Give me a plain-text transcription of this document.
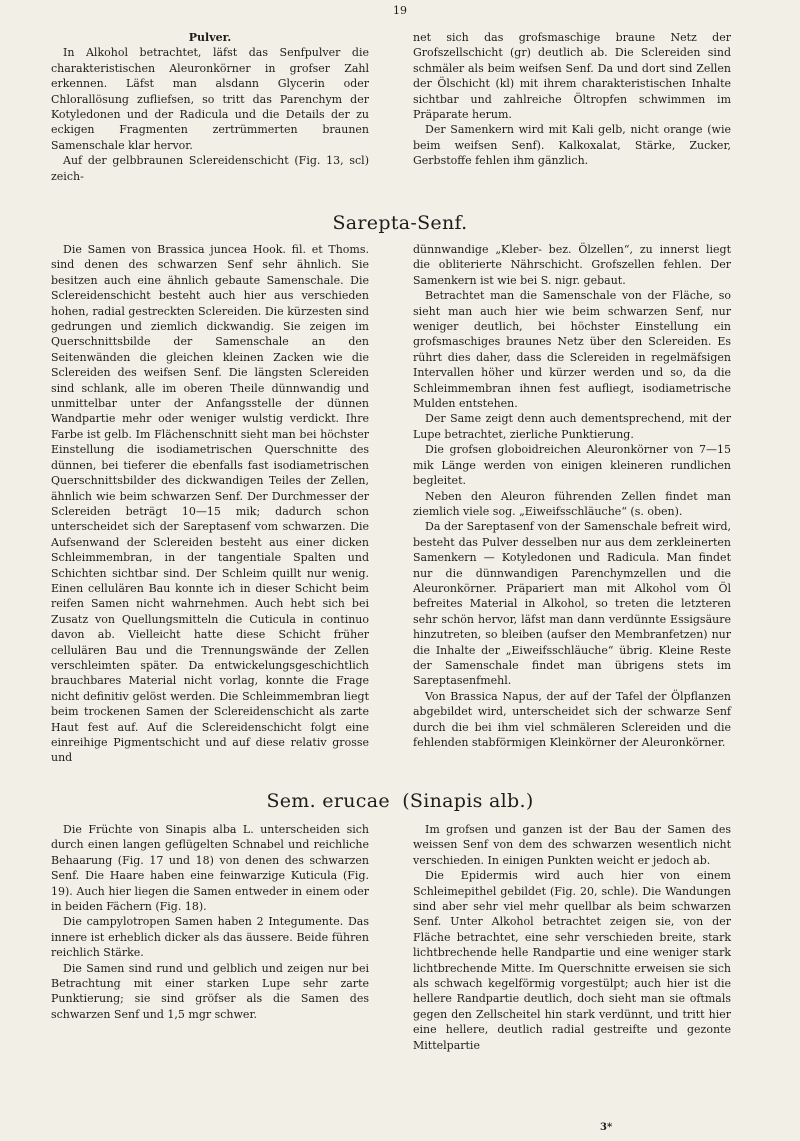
19

Pulver.

In Alkohol betrachtet, läfst das Senfpulver die charakteristischen Aleuronkörner in grofser Zahl erkennen. Läfst man alsdann Glycerin oder Chlorallösung zufliefsen, so tritt das Parenchym der Kotyledonen und der Radicula und die Details der zu eckigen Fragmenten zertrümmerten braunen Samenschale klar hervor.

Auf der gelbbraunen Sclereidenschicht (Fig. 13, scl) zeich-

net sich das grofsmaschige braune Netz der Grofszellschicht (gr) deutlich ab. Die Sclereiden sind schmäler als beim weifsen Senf. Da und dort sind Zellen der Ölschicht (kl) mit ihrem charakteristischen Inhalte sichtbar und zahlreiche Öltropfen schwimmen im Präparate herum.

Der Samenkern wird mit Kali gelb, nicht orange (wie beim weifsen Senf). Kalkoxalat, Stärke, Zucker, Gerbstoffe fehlen ihm gänzlich.

Sarepta-Senf.

Die Samen von Brassica juncea Hook. fil. et Thoms. sind denen des schwarzen Senf sehr ähnlich. Sie besitzen auch eine ähnlich gebaute Samenschale. Die Sclereidenschicht besteht auch hier aus verschieden hohen, radial gestreckten Sclereiden. Die kürzesten sind gedrungen und ziemlich dickwandig. Sie zeigen im Querschnittsbilde der Samenschale an den Seitenwänden die gleichen kleinen Zacken wie die Sclereiden des weifsen Senf. Die längsten Sclereiden sind schlank, alle im oberen Theile dünnwandig und unmittelbar unter der Anfangsstelle der dünnen Wandpartie mehr oder weniger wulstig verdickt. Ihre Farbe ist gelb. Im Flächenschnitt sieht man bei höchster Einstellung die isodiametrischen Querschnitte des dünnen, bei tieferer die ebenfalls fast isodiametrischen Querschnittsbilder des dickwandigen Teiles der Zellen, ähnlich wie beim schwarzen Senf. Der Durchmesser der Sclereiden beträgt 10—15 mik; dadurch schon unterscheidet sich der Sareptasenf vom schwarzen. Die Aufsenwand der Sclereiden besteht aus einer dicken Schleimmembran, in der tangentiale Spalten und Schichten sichtbar sind. Der Schleim quillt nur wenig. Einen cellulären Bau konnte ich in dieser Schicht beim reifen Samen nicht wahrnehmen. Auch hebt sich bei Zusatz von Quellungsmitteln die Cuticula in continuo davon ab. Vielleicht hatte diese Schicht früher cellulären Bau und die Trennungswände der Zellen verschleimten später. Da entwickelungsgeschichtlich brauchbares Material nicht vorlag, konnte die Frage nicht definitiv gelöst werden. Die Schleimmembran liegt beim trockenen Samen der Sclereidenschicht als zarte Haut fest auf. Auf die Sclereidenschicht folgt eine einreihige Pigmentschicht und auf diese relativ grosse und

dünnwandige „Kleber- bez. Ölzellen“, zu innerst liegt die obliterierte Nährschicht. Grofszellen fehlen. Der Samenkern ist wie bei S. nigr. gebaut.

Betrachtet man die Samenschale von der Fläche, so sieht man auch hier wie beim schwarzen Senf, nur weniger deutlich, bei höchster Einstellung ein grofsmaschiges braunes Netz über den Sclereiden. Es rührt dies daher, dass die Sclereiden in regelmäfsigen Intervallen höher und kürzer werden und so, da die Schleimmembran ihnen fest aufliegt, isodiametrische Mulden entstehen.

Der Same zeigt denn auch dementsprechend, mit der Lupe betrachtet, zierliche Punktierung.

Die grofsen globoidreichen Aleuronkörner von 7—15 mik Länge werden von einigen kleineren rundlichen begleitet.

Neben den Aleuron führenden Zellen findet man ziemlich viele sog. „Eiweifsschläuche“ (s. oben).

Da der Sareptasenf von der Samenschale befreit wird, besteht das Pulver desselben nur aus dem zerkleinerten Samenkern — Kotyledonen und Radicula. Man findet nur die dünnwandigen Parenchymzellen und die Aleuronkörner. Präpariert man mit Alkohol vom Öl befreites Material in Alkohol, so treten die letzteren sehr schön hervor, läfst man dann verdünnte Essigsäure hinzutreten, so bleiben (aufser den Membranfetzen) nur die Inhalte der „Eiweifsschläuche“ übrig. Kleine Reste der Samenschale findet man übrigens stets im Sareptasenfmehl.

Von Brassica Napus, der auf der Tafel der Ölpflanzen abgebildet wird, unterscheidet sich der schwarze Senf durch die bei ihm viel schmäleren Sclereiden und die fehlenden stabförmigen Kleinkörner der Aleuronkörner.

Sem. erucae (Sinapis alb.)

Die Früchte von Sinapis alba L. unterscheiden sich durch einen langen geflügelten Schnabel und reichliche Behaarung (Fig. 17 und 18) von denen des schwarzen Senf. Die Haare haben eine feinwarzige Kuticula (Fig. 19). Auch hier liegen die Samen entweder in einem oder in beiden Fächern (Fig. 18).

Die campylotropen Samen haben 2 Integumente. Das innere ist erheblich dicker als das äussere. Beide führen reichlich Stärke.

Die Samen sind rund und gelblich und zeigen nur bei Betrachtung mit einer starken Lupe sehr zarte Punktierung; sie sind gröfser als die Samen des schwarzen Senf und 1,5 mgr schwer.

Im grofsen und ganzen ist der Bau der Samen des weissen Senf von dem des schwarzen wesentlich nicht verschieden. In einigen Punkten weicht er jedoch ab.

Die Epidermis wird auch hier von einem Schleimepithel gebildet (Fig. 20, schle). Die Wandungen sind aber sehr viel mehr quellbar als beim schwarzen Senf. Unter Alkohol betrachtet zeigen sie, von der Fläche betrachtet, eine sehr verschieden breite, stark lichtbrechende helle Randpartie und eine weniger stark lichtbrechende Mitte. Im Querschnitte erweisen sie sich als schwach kegelförmig vorgestülpt; auch hier ist die hellere Randpartie deutlich, doch sieht man sie oftmals gegen den Zellscheitel hin stark verdünnt, und tritt hier eine hellere, deutlich radial gestreifte und gezonte Mittelpartie

3*
